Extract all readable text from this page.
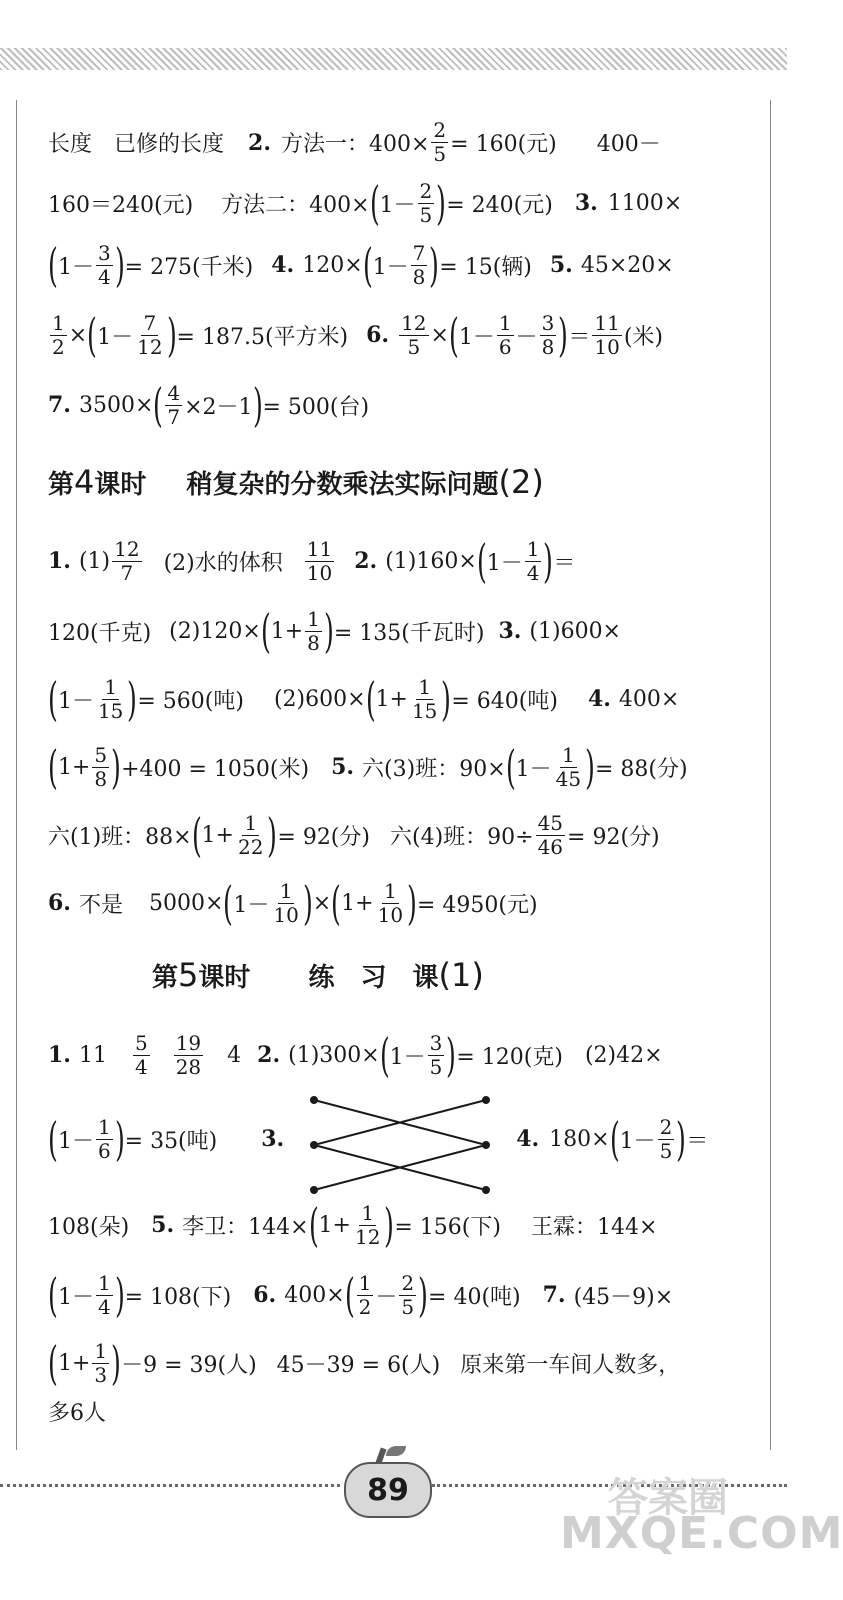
长度　已修的长度 2. 方法一：$400\times \frac{2}{5} = 160$(元) 400－
160＝240(元) 方法二：400× ( $1- \frac{2}{5}$ ) = 240(元) 3. 1100×
( $1- \frac{3}{4}$ ) = 275(千米) 4. 120× ( $1- \frac{7}{8}$ ) = 15(辆) 5. 45×20×
$\frac{1}{2}$ × ( $1- \frac{7}{12}$ ) = 187.5(平方米) 6. $\frac{12}{5}$ × ( $1- \frac{1}{6} - \frac{3}{8}$ ) ＝ $\frac{11}{10}$ (米)
7. 3500× ( $\frac{4}{7} \times 2-1$ ) = 500(台)
第4课时 稍复杂的分数乘法实际问题(2)
1. $(1) \frac{12}{7} (2)$水的体积 $\frac{11}{10} 2$. (1)160× ( $1- \frac{1}{4}$ ) ＝
120(千克) (2)120× ( $1+ \frac{1}{8}$ ) = 135(千瓦时) 3. (1)600×
( $1- \frac{1}{15}$ ) = 560(吨) (2)600× ( $1+ \frac{1}{15}$ ) = 640(吨) 4. 400×
( $1+ \frac{5}{8}$ ) +400 = 1050(米) 5. 六(3)班：90× ( $1- \frac{1}{45}$ ) = 88(分)
六(1)班：88× ( $1+ \frac{1}{22}$ ) = 92(分) 六(4)班：$90\div \frac{45}{46} = 92$(分)
6. 不是 5000× ( $1- \frac{1}{10}$ ) × ( $1+ \frac{1}{10}$ ) = 4950(元)
第5课时 练　习　课(1)
1. $11 \frac{5}{4} \frac{19}{28} 4$ 2. (1)300× ( $1- \frac{3}{5}$ ) = 120(克) (2)42×
( $1- \frac{1}{6}$ ) = 35(吨) 3.	4. 180× ( $1- \frac{2}{5}$ ) ＝
108(朵) 5. 李卫：144× ( $1+ \frac{1}{12}$ ) = 156(下) 王霖：144×
( $1- \frac{1}{4}$ ) = 108(下) 6. 400× ( $\frac{1}{2} - \frac{2}{5}$ ) = 40(吨) 7. (45－9)×
( $1+ \frac{1}{3}$ ) －9 = 39(人) 45－39 = 6(人) 原来第一车间人数多，
多6人
89	答案圈
MXQE.COM
